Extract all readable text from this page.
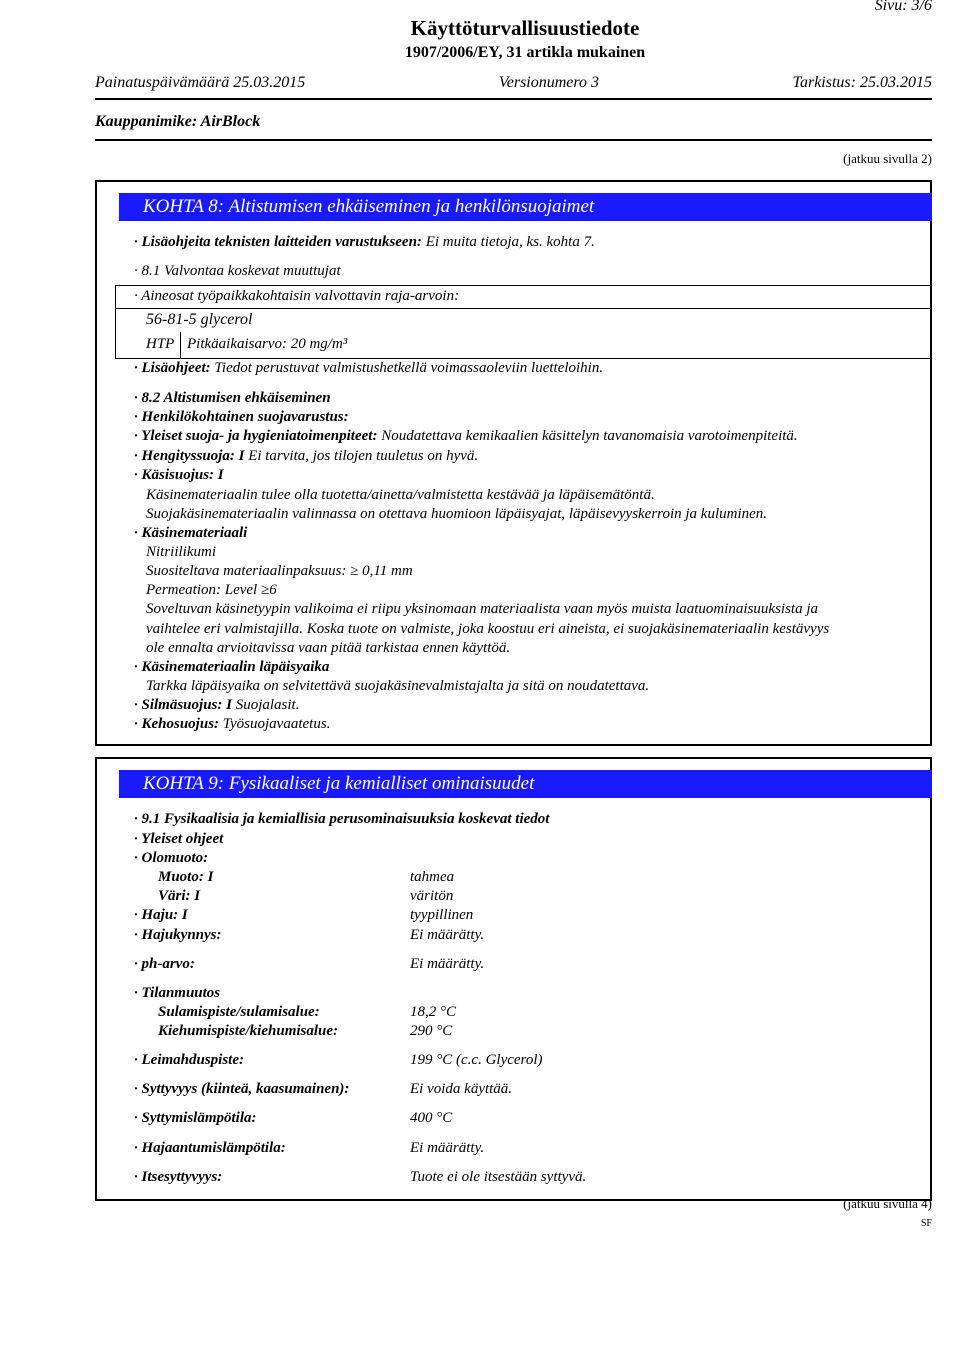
Sivu: 3/6
Käyttöturvallisuustiedote
1907/2006/EY, 31 artikla mukainen
Painatuspäivämäärä 25.03.2015	Versionumero 3	Tarkistus: 25.03.2015
Kauppanimike: AirBlock
(jatkuu sivulla 2)
KOHTA 8: Altistumisen ehkäiseminen ja henkilönsuojaimet
· Lisäohjeita teknisten laitteiden varustukseen: Ei muita tietoja, ks. kohta 7.
· 8.1 Valvontaa koskevat muuttujat
· Aineosat työpaikkakohtaisin valvottavin raja-arvoin:
56-81-5 glycerol
HTP Pitkäaikaisarvo: 20 mg/m³
· Lisäohjeet: Tiedot perustuvat valmistushetkellä voimassaoleviin luetteloihin.
· 8.2 Altistumisen ehkäiseminen
· Henkilökohtainen suojavarustus:
· Yleiset suoja- ja hygieniatoimenpiteet: Noudatettava kemikaalien käsittelyn tavanomaisia varotoimenpiteitä.
· Hengityssuoja: I Ei tarvita, jos tilojen tuuletus on hyvä.
· Käsisuojus: I
Käsinemateriaalin tulee olla tuotetta/ainetta/valmistetta kestävää ja läpäisemätöntä.
Suojakäsinemateriaalin valinnassa on otettava huomioon läpäisyajat, läpäisevyyskerroin ja kuluminen.
· Käsinemateriaali
Nitriilikumi
Suositeltava materiaalinpaksuus: ≥ 0,11 mm
Permeation: Level ≥6
Soveltuvan käsinetyypin valikoima ei riipu yksinomaan materiaalista vaan myös muista laatuominaisuuksista ja
vaihtelee eri valmistajilla. Koska tuote on valmiste, joka koostuu eri aineista, ei suojakäsinemateriaalin kestävyys
ole ennalta arvioitavissa vaan pitää tarkistaa ennen käyttöä.
· Käsinemateriaalin läpäisyaika
Tarkka läpäisyaika on selvitettävä suojakäsinevalmistajalta ja sitä on noudatettava.
· Silmäsuojus: I Suojalasit.
· Kehosuojus: Työsuojavaatetus.
KOHTA 9: Fysikaaliset ja kemialliset ominaisuudet
· 9.1 Fysikaalisia ja kemiallisia perusominaisuuksia koskevat tiedot
· Yleiset ohjeet
· Olomuoto:
Muoto: I	tahmea
Väri: I	väritön
· Haju: I	tyypillinen
· Hajukynnys:	Ei määrätty.
· ph-arvo:	Ei määrätty.
· Tilanmuutos
Sulamispiste/sulamisalue:	18,2 °C
Kiehumispiste/kiehumisalue:	290 °C
· Leimahduspiste:	199 °C (c.c. Glycerol)
· Syttyvyys (kiinteä, kaasumainen):	Ei voida käyttää.
· Syttymislämpötila:	400 °C
· Hajaantumislämpötila:	Ei määrätty.
· Itsesyttyvyys:	Tuote ei ole itsestään syttyvä.
(jatkuu sivulla 4)
SF
